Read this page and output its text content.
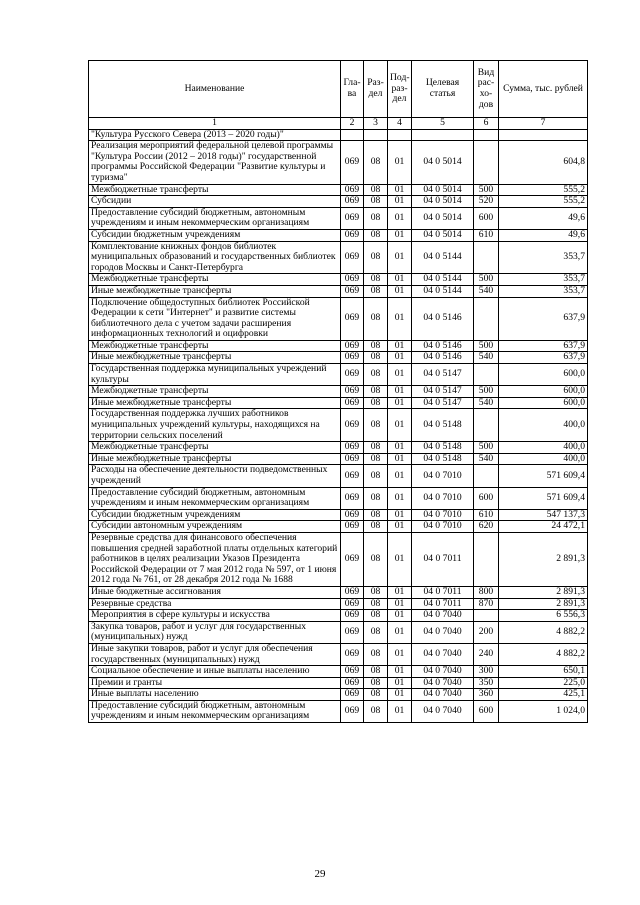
Наименование	Гла-ва	Раз-дел	Под-раз-дел	Целевая статья	Вид рас-хо-дов	Сумма, тыс. рублей
1	2	3	4	5	6	7
"Культура Русского Севера (2013 – 2020 годы)"						
Реализация мероприятий федеральной целевой программы "Культура России (2012 – 2018 годы)" государственной программы Российской Федерации "Развитие культуры и туризма"	069	08	01	04 0 5014		604,8
Межбюджетные трансферты	069	08	01	04 0 5014	500	555,2
Субсидии	069	08	01	04 0 5014	520	555,2
Предоставление субсидий бюджетным, автономным учреждениям и иным некоммерческим организациям	069	08	01	04 0 5014	600	49,6
Субсидии бюджетным учреждениям	069	08	01	04 0 5014	610	49,6
Комплектование книжных фондов библиотек муниципальных образований и государственных библиотек городов Москвы и Санкт-Петербурга	069	08	01	04 0 5144		353,7
Межбюджетные трансферты	069	08	01	04 0 5144	500	353,7
Иные межбюджетные трансферты	069	08	01	04 0 5144	540	353,7
Подключение общедоступных библиотек Российской Федерации к сети "Интернет" и развитие системы библиотечного дела с учетом задачи расширения информационных технологий и оцифровки	069	08	01	04 0 5146		637,9
Межбюджетные трансферты	069	08	01	04 0 5146	500	637,9
Иные межбюджетные трансферты	069	08	01	04 0 5146	540	637,9
Государственная поддержка муниципальных учреждений культуры	069	08	01	04 0 5147		600,0
Межбюджетные трансферты	069	08	01	04 0 5147	500	600,0
Иные межбюджетные трансферты	069	08	01	04 0 5147	540	600,0
Государственная поддержка лучших работников муниципальных учреждений культуры, находящихся на территории сельских поселений	069	08	01	04 0 5148		400,0
Межбюджетные трансферты	069	08	01	04 0 5148	500	400,0
Иные межбюджетные трансферты	069	08	01	04 0 5148	540	400,0
Расходы на обеспечение деятельности подведомственных учреждений	069	08	01	04 0 7010		571 609,4
Предоставление субсидий бюджетным, автономным учреждениям и иным некоммерческим организациям	069	08	01	04 0 7010	600	571 609,4
Субсидии бюджетным учреждениям	069	08	01	04 0 7010	610	547 137,3
Субсидии автономным учреждениям	069	08	01	04 0 7010	620	24 472,1
Резервные средства для финансового обеспечения повышения средней заработной платы отдельных категорий работников в целях реализации Указов Президента Российской Федерации от 7 мая 2012 года № 597, от 1 июня 2012 года № 761, от 28 декабря 2012 года № 1688	069	08	01	04 0 7011		2 891,3
Иные бюджетные ассигнования	069	08	01	04 0 7011	800	2 891,3
Резервные средства	069	08	01	04 0 7011	870	2 891,3
Мероприятия в сфере культуры и искусства	069	08	01	04 0 7040		6 556,3
Закупка товаров, работ и услуг для государственных (муниципальных) нужд	069	08	01	04 0 7040	200	4 882,2
Иные закупки товаров, работ и услуг для обеспечения государственных (муниципальных) нужд	069	08	01	04 0 7040	240	4 882,2
Социальное обеспечение и иные выплаты населению	069	08	01	04 0 7040	300	650,1
Премии и гранты	069	08	01	04 0 7040	350	225,0
Иные выплаты населению	069	08	01	04 0 7040	360	425,1
Предоставление субсидий бюджетным, автономным учреждениям и иным некоммерческим организациям	069	08	01	04 0 7040	600	1 024,0
29
